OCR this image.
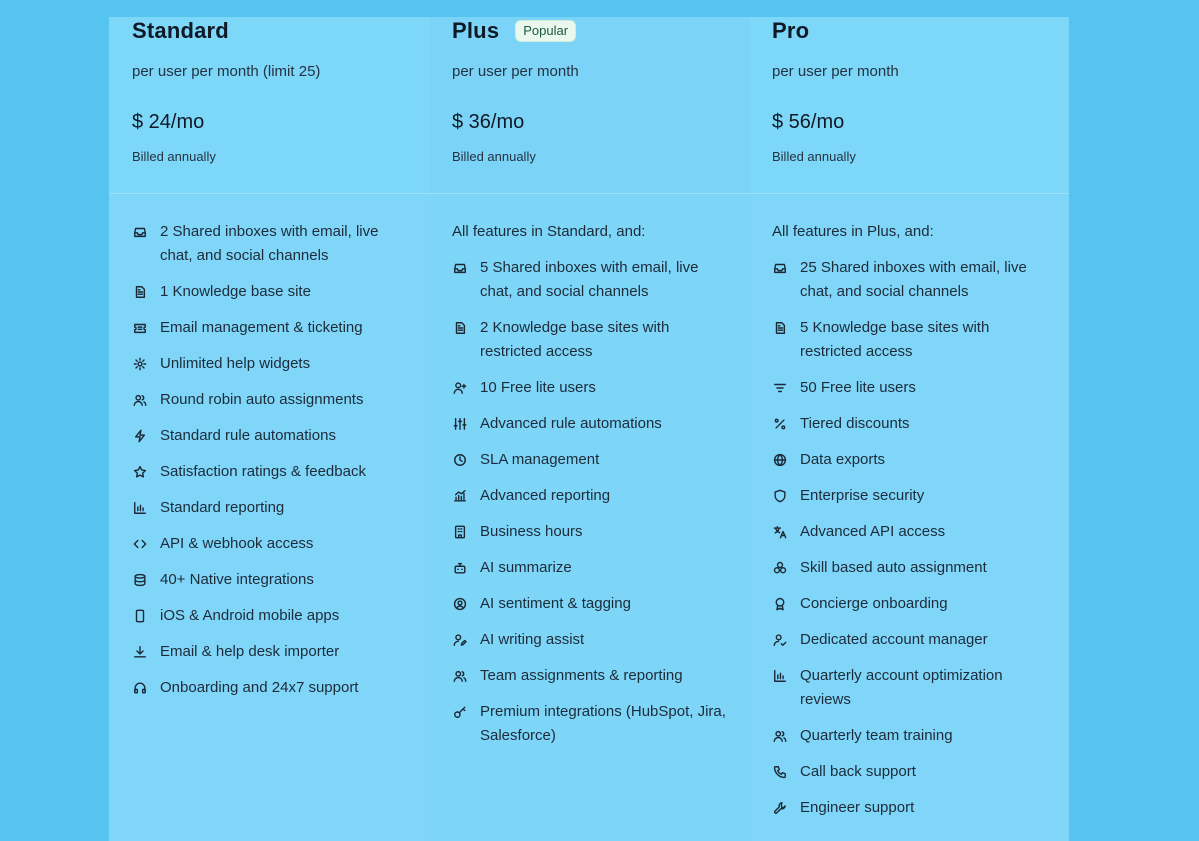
Standard
per user per month (limit 25)
$ 24/mo
Billed annually
2 Shared inboxes with email, live chat, and social channels
1 Knowledge base site
Email management & ticketing
Unlimited help widgets
Round robin auto assignments
Standard rule automations
Satisfaction ratings & feedback
Standard reporting
API & webhook access
40+ Native integrations
iOS & Android mobile apps
Email & help desk importer
Onboarding and 24x7 support
Plus	Popular
per user per month
$ 36/mo
Billed annually
All features in Standard, and:
5 Shared inboxes with email, live chat, and social channels
2 Knowledge base sites with restricted access
10 Free lite users
Advanced rule automations
SLA management
Advanced reporting
Business hours
AI summarize
AI sentiment & tagging
AI writing assist
Team assignments & reporting
Premium integrations (HubSpot, Jira, Salesforce)
Pro
per user per month
$ 56/mo
Billed annually
All features in Plus, and:
25 Shared inboxes with email, live chat, and social channels
5 Knowledge base sites with restricted access
50 Free lite users
Tiered discounts
Data exports
Enterprise security
Advanced API access
Skill based auto assignment
Concierge onboarding
Dedicated account manager
Quarterly account optimization reviews
Quarterly team training
Call back support
Engineer support
